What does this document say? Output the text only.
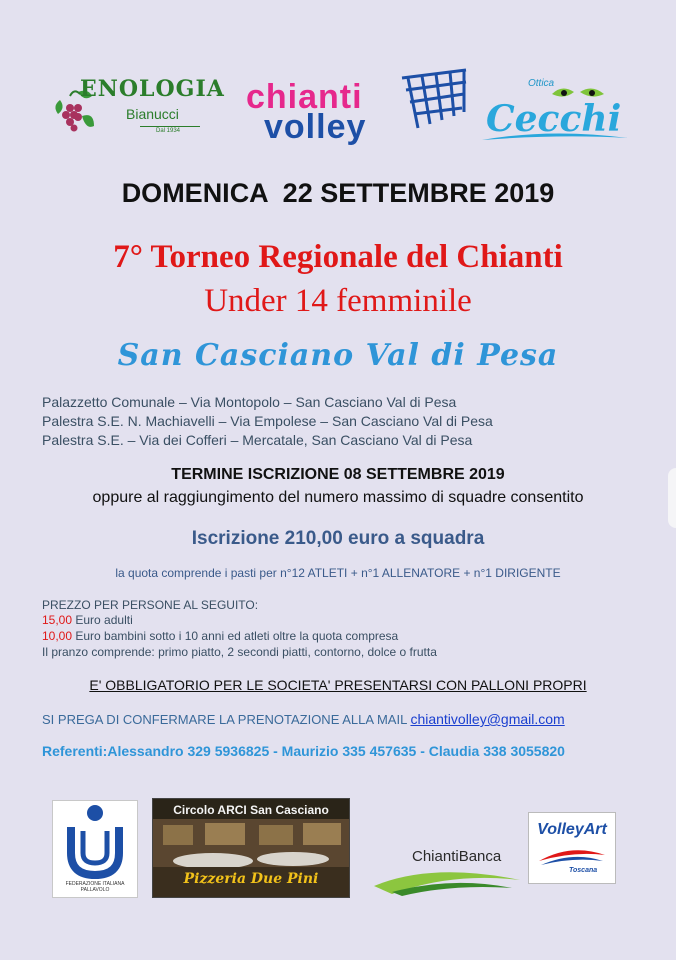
ENOLOGIA
Bianucci
Dal 1934
chianti
volley
Ottica
Cecchi
DOMENICA  22 SETTEMBRE 2019
7° Torneo Regionale del Chianti
Under 14 femminile
San Casciano Val di Pesa
Palazzetto Comunale – Via Montopolo – San Casciano Val di Pesa
Palestra S.E. N. Machiavelli – Via Empolese – San Casciano Val di Pesa
Palestra S.E. – Via dei Cofferi – Mercatale, San Casciano Val di Pesa
TERMINE ISCRIZIONE 08 SETTEMBRE 2019
oppure al raggiungimento del numero massimo di squadre consentito
Iscrizione 210,00 euro a squadra
la quota comprende i pasti per n°12 ATLETI + n°1 ALLENATORE + n°1 DIRIGENTE
PREZZO PER PERSONE AL SEGUITO:
15,00 Euro adulti
10,00 Euro bambini sotto i 10 anni ed atleti oltre la quota compresa
Il pranzo comprende: primo piatto, 2 secondi piatti, contorno, dolce o frutta
E' OBBLIGATORIO PER LE SOCIETA' PRESENTARSI CON PALLONI PROPRI
SI PREGA DI CONFERMARE LA PRENOTAZIONE ALLA MAIL chiantivolley@gmail.com
Referenti:Alessandro 329 5936825 - Maurizio 335 457635 - Claudia 338 3055820
FEDERAZIONE ITALIANA PALLAVOLO
Circolo ARCI San Casciano
Pizzeria Due Pini
ChiantiBanca
VolleyArt
Toscana
